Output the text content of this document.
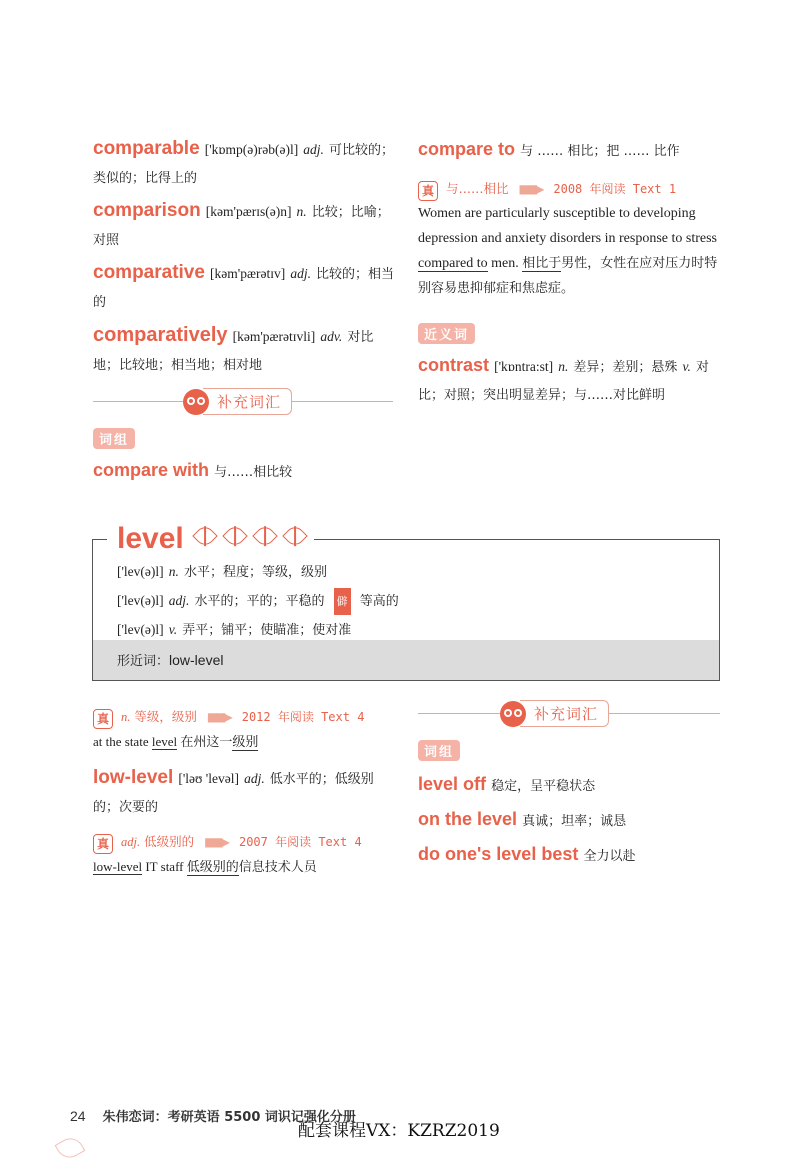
comparable ['kɒmp(ə)rəb(ə)l] adj. 可比较的；类似的；比得上的

comparison [kəm'pærɪs(ə)n] n. 比较；比喻；对照

comparative [kəm'pærətɪv] adj. 比较的；相当的

comparatively [kəm'pærətɪvli] adv. 对比地；比较地；相当地；相对地

补充词汇
词组
compare with 与……相比较

compare to 与 …… 相比；把 …… 比作

真 与……相比 ■■▶ 2008 年阅读 Text 1
Women are particularly susceptible to developing depression and anxiety disorders in response to stress compared to men. 相比于男性，女性在应对压力时特别容易患抑郁症和焦虑症。
近义词

contrast ['kɒntra:st] n. 差异；差别；悬殊 v. 对比；对照；突出明显差异；与……对比鲜明

level
['lev(ə)l] n. 水平；程度；等级，级别
['lev(ə)l] adj. 水平的；平的；平稳的 僻 等高的
['lev(ə)l] v. 弄平；铺平；使瞄准；使对准
形近词：low-level
真 n. 等级，级别 ■■▶ 2012 年阅读 Text 4
at the state level 在州这一级别

low-level ['ləʊ 'levəl] adj. 低水平的；低级别的；次要的

真 adj. 低级别的 ■■▶ 2007 年阅读 Text 4
low-level IT staff 低级别的信息技术人员
补充词汇
词组
level off 稳定，呈平稳状态
on the level 真诚；坦率；诚恳
do one's level best 全力以赴
24 朱伟恋词：考研英语 5500 词识记强化分册
配套课程VX：KZRZ2019
